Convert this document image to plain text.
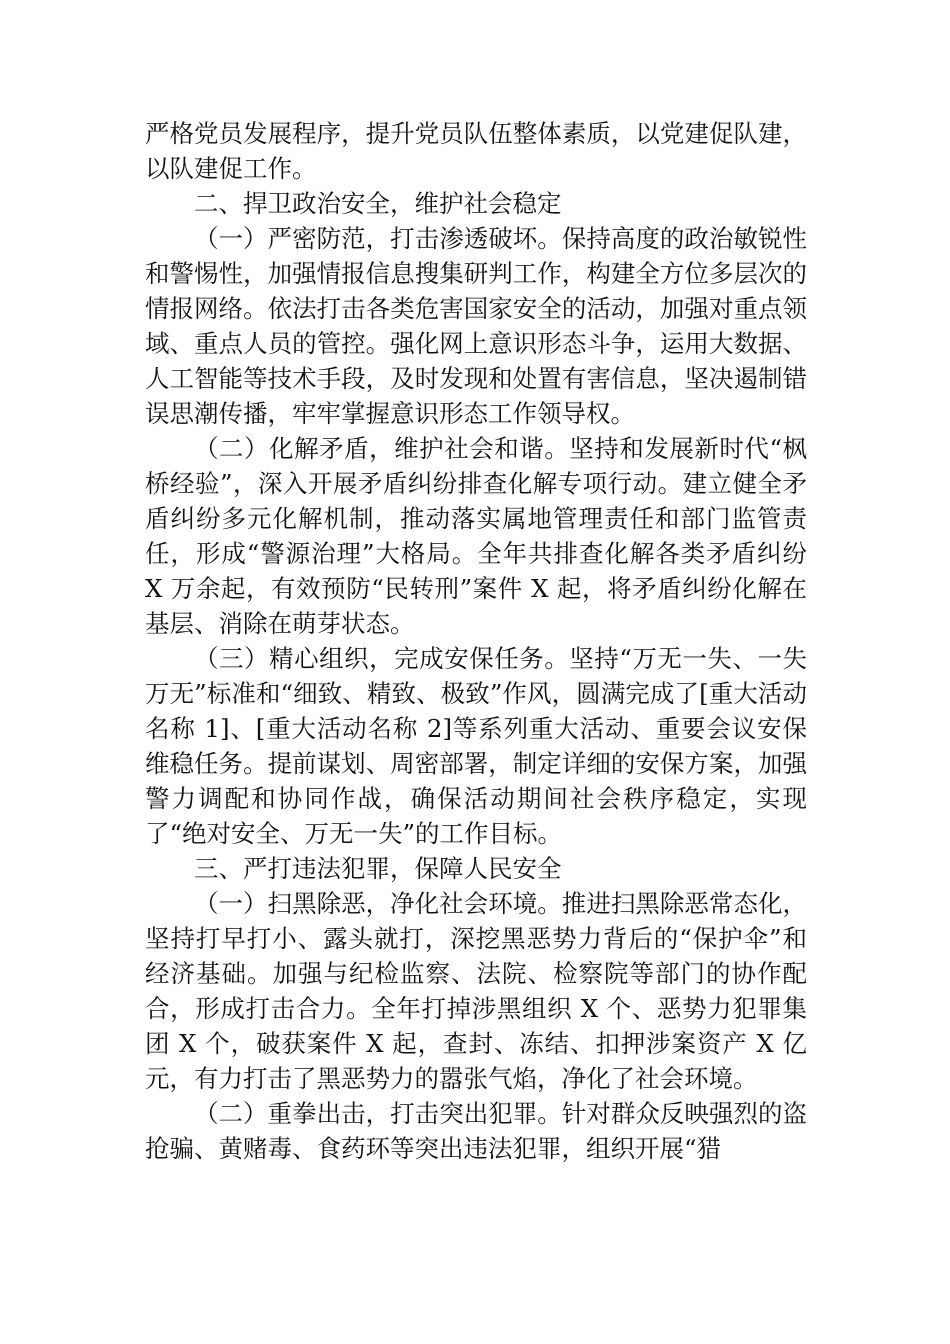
严格党员发展程序，提升党员队伍整体素质，以党建促队建，以队建促工作。

二、捍卫政治安全，维护社会稳定

（一）严密防范，打击渗透破坏。保持高度的政治敏锐性和警惕性，加强情报信息搜集研判工作，构建全方位多层次的情报网络。依法打击各类危害国家安全的活动，加强对重点领域、重点人员的管控。强化网上意识形态斗争，运用大数据、人工智能等技术手段，及时发现和处置有害信息，坚决遏制错误思潮传播，牢牢掌握意识形态工作领导权。

（二）化解矛盾，维护社会和谐。坚持和发展新时代“枫桥经验”，深入开展矛盾纠纷排查化解专项行动。建立健全矛盾纠纷多元化解机制，推动落实属地管理责任和部门监管责任，形成“警源治理”大格局。全年共排查化解各类矛盾纠纷 X 万余起，有效预防“民转刑”案件 X 起，将矛盾纠纷化解在基层、消除在萌芽状态。

（三）精心组织，完成安保任务。坚持“万无一失、一失万无”标准和“细致、精致、极致”作风，圆满完成了[重大活动名称 1]、[重大活动名称 2]等系列重大活动、重要会议安保维稳任务。提前谋划、周密部署，制定详细的安保方案，加强警力调配和协同作战，确保活动期间社会秩序稳定，实现了“绝对安全、万无一失”的工作目标。

三、严打违法犯罪，保障人民安全

（一）扫黑除恶，净化社会环境。推进扫黑除恶常态化，坚持打早打小、露头就打，深挖黑恶势力背后的“保护伞”和经济基础。加强与纪检监察、法院、检察院等部门的协作配合，形成打击合力。全年打掉涉黑组织 X 个、恶势力犯罪集团 X 个，破获案件 X 起，查封、冻结、扣押涉案资产 X 亿元，有力打击了黑恶势力的嚣张气焰，净化了社会环境。

（二）重拳出击，打击突出犯罪。针对群众反映强烈的盗抢骗、黄赌毒、食药环等突出违法犯罪，组织开展“猎
